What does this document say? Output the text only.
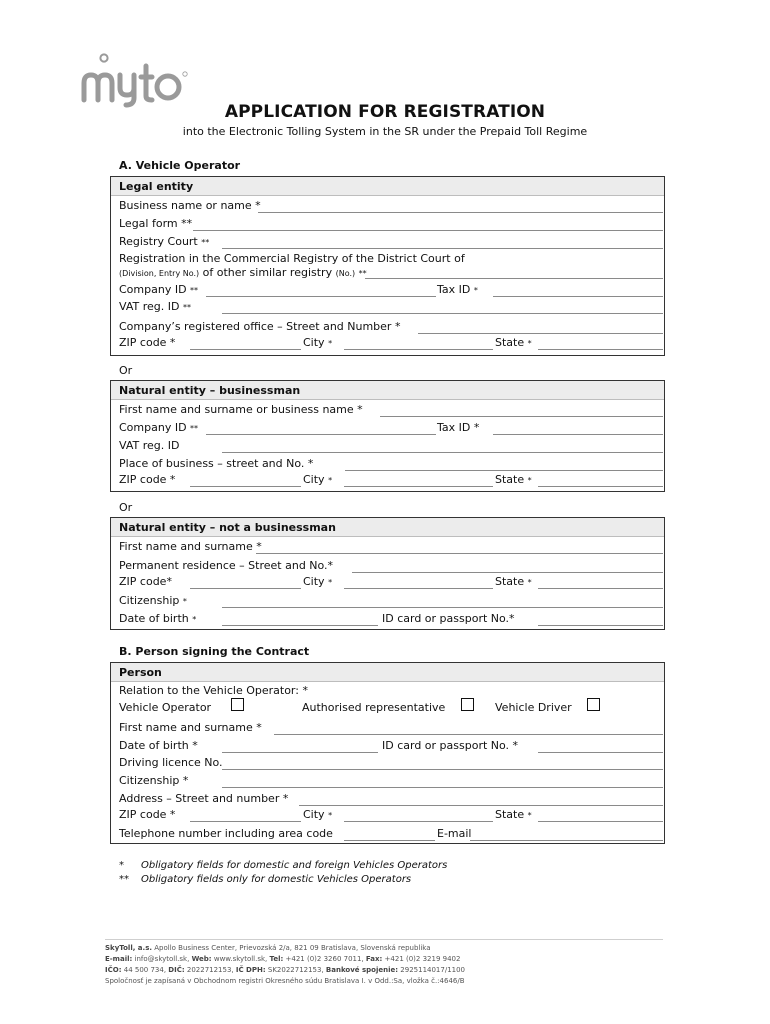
APPLICATION FOR REGISTRATION
into the Electronic Tolling System in the SR under the Prepaid Toll Regime
A. Vehicle Operator
Legal entity
Business name or name *
Legal form **
Registry Court **
Registration in the Commercial Registry of the District Court of
(Division, Entry No.) of other similar registry (No.) **
Company ID **	Tax ID *
VAT reg. ID **
Company’s registered office – Street and Number *
ZIP code *	City *	State *
Or
Natural entity – businessman
First name and surname or business name *
Company ID **	Tax ID *
VAT reg. ID
Place of business – street and No. *
ZIP code *	City *	State *
Or
Natural entity – not a businessman
First name and surname *
Permanent residence – Street and No.*
ZIP code*	City *	State *
Citizenship *
Date of birth *	ID card or passport No.*
B. Person signing the Contract
Person
Relation to the Vehicle Operator: *
Vehicle Operator	Authorised representative	Vehicle Driver
First name and surname *
Date of birth *	ID card or passport No. *
Driving licence No.
Citizenship *
Address – Street and number *
ZIP code *	City *	State *
Telephone number including area code	E-mail
* Obligatory fields for domestic and foreign Vehicles Operators
** Obligatory fields only for domestic Vehicles Operators
SkyToll, a.s. Apollo Business Center, Prievozská 2/a, 821 09 Bratislava, Slovenská republika
E-mail: info@skytoll.sk, Web: www.skytoll.sk, Tel: +421 (0)2 3260 7011, Fax: +421 (0)2 3219 9402
IČO: 44 500 734, DIČ: 2022712153, IČ DPH: SK2022712153, Bankové spojenie: 2925114017/1100
Spoločnosť je zapísaná v Obchodnom registri Okresného súdu Bratislava I. v Odd.:Sa, vložka č.:4646/B
